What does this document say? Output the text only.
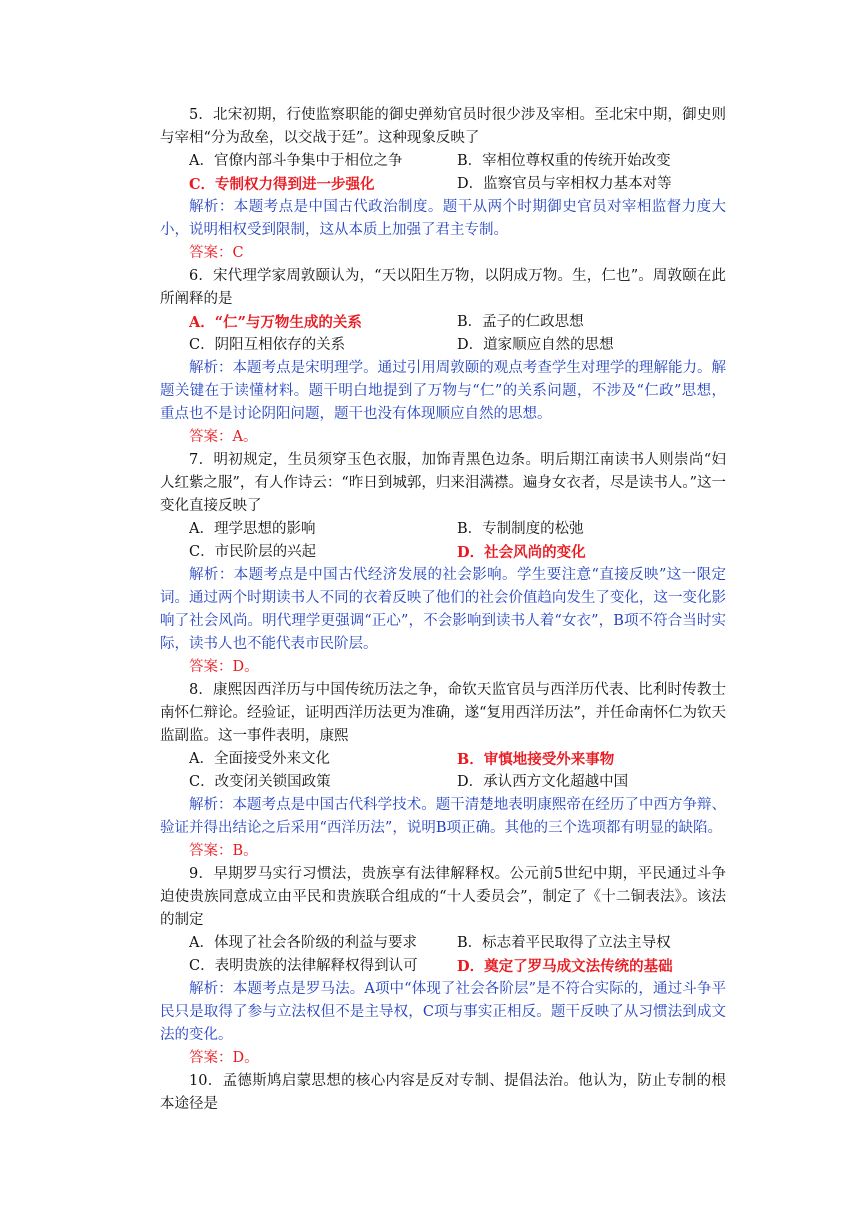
5．北宋初期，行使监察职能的御史弹劾官员时很少涉及宰相。至北宋中期，御史则与宰相“分为敌垒，以交战于廷”。这种现象反映了

A．官僚内部斗争集中于相位之争	B．宰相位尊权重的传统开始改变
C．专制权力得到进一步强化	D．监察官员与宰相权力基本对等

解析：本题考点是中国古代政治制度。题干从两个时期御史官员对宰相监督力度大小，说明相权受到限制，这从本质上加强了君主专制。

答案：C

6．宋代理学家周敦颐认为，“天以阳生万物，以阴成万物。生，仁也”。周敦颐在此所阐释的是

A．“仁”与万物生成的关系	B．孟子的仁政思想
C．阴阳互相依存的关系	D．道家顺应自然的思想

解析：本题考点是宋明理学。通过引用周敦颐的观点考查学生对理学的理解能力。解题关键在于读懂材料。题干明白地提到了万物与“仁”的关系问题，不涉及“仁政”思想，重点也不是讨论阴阳问题，题干也没有体现顺应自然的思想。

答案：A。

7．明初规定，生员须穿玉色衣服，加饰青黑色边条。明后期江南读书人则崇尚“妇人红紫之服”，有人作诗云：“昨日到城郭，归来泪满襟。遍身女衣者，尽是读书人。”这一变化直接反映了

A．理学思想的影响	B．专制制度的松弛
C．市民阶层的兴起	D．社会风尚的变化

解析：本题考点是中国古代经济发展的社会影响。学生要注意“直接反映”这一限定词。通过两个时期读书人不同的衣着反映了他们的社会价值趋向发生了变化，这一变化影响了社会风尚。明代理学更强调“正心”，不会影响到读书人着“女衣”，B项不符合当时实际，读书人也不能代表市民阶层。

答案：D。

8．康熙因西洋历与中国传统历法之争，命钦天监官员与西洋历代表、比利时传教士南怀仁辩论。经验证，证明西洋历法更为准确，遂“复用西洋历法”，并任命南怀仁为钦天监副监。这一事件表明，康熙

A．全面接受外来文化	B．审慎地接受外来事物
C．改变闭关锁国政策	D．承认西方文化超越中国

解析：本题考点是中国古代科学技术。题干清楚地表明康熙帝在经历了中西方争辩、验证并得出结论之后采用“西洋历法”，说明B项正确。其他的三个选项都有明显的缺陷。

答案：B。

9．早期罗马实行习惯法，贵族享有法律解释权。公元前5世纪中期，平民通过斗争迫使贵族同意成立由平民和贵族联合组成的“十人委员会”，制定了《十二铜表法》。该法的制定

A．体现了社会各阶级的利益与要求	B．标志着平民取得了立法主导权
C．表明贵族的法律解释权得到认可	D．奠定了罗马成文法传统的基础

解析：本题考点是罗马法。A项中“体现了社会各阶层”是不符合实际的，通过斗争平民只是取得了参与立法权但不是主导权，C项与事实正相反。题干反映了从习惯法到成文法的变化。

答案：D。

10．孟德斯鸠启蒙思想的核心内容是反对专制、提倡法治。他认为，防止专制的根本途径是
